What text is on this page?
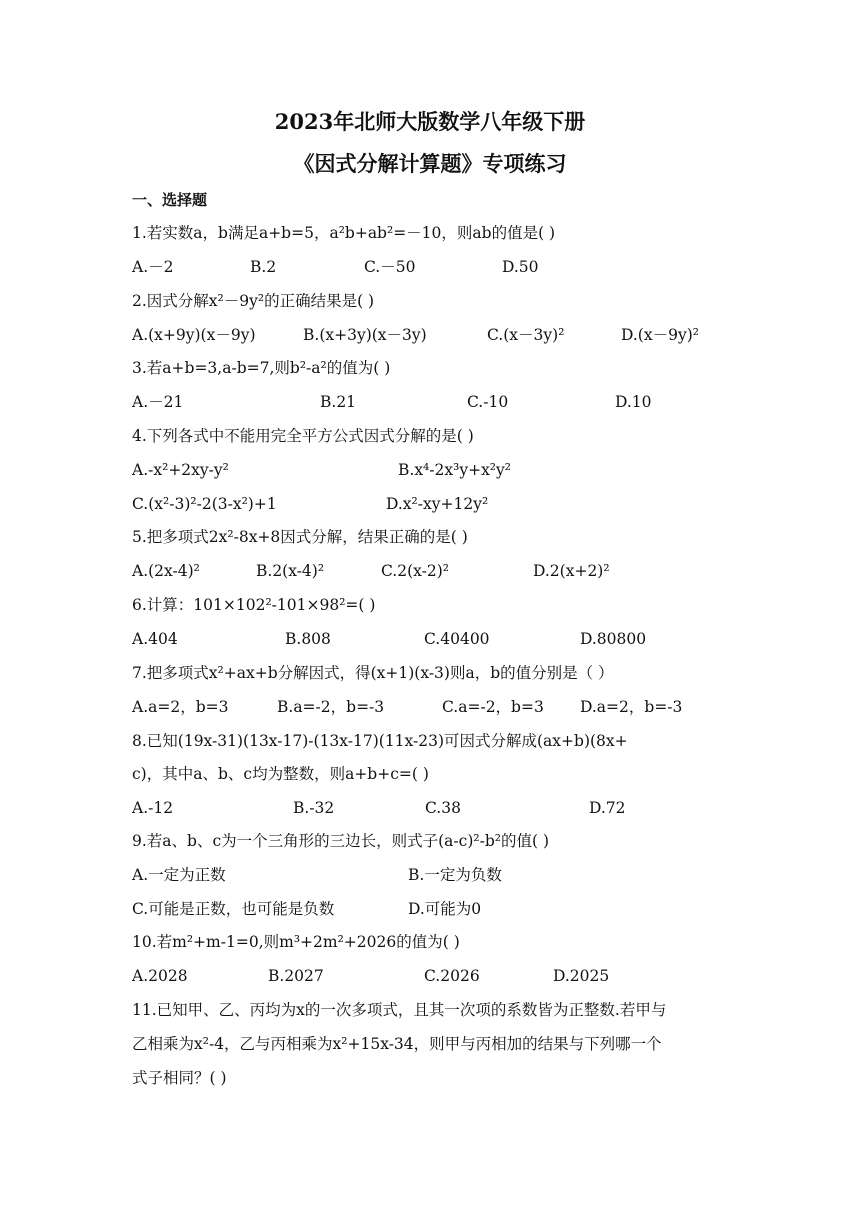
2023年北师大版数学八年级下册
《因式分解计算题》专项练习
一、选择题
1.若实数a，b满足a+b=5，a²b+ab²=－10，则ab的值是( )
A.－2	B.2	C.－50	D.50
2.因式分解x²－9y²的正确结果是( )
A.(x+9y)(x－9y)	B.(x+3y)(x－3y)	C.(x－3y)²	D.(x－9y)²
3.若a+b=3,a-b=7,则b²-a²的值为( )
A.－21	B.21	C.-10	D.10
4.下列各式中不能用完全平方公式因式分解的是( )
A.-x²+2xy-y²	B.x⁴-2x³y+x²y²
C.(x²-3)²-2(3-x²)+1	D.x²-xy+12y²
5.把多项式2x²-8x+8因式分解，结果正确的是( )
A.(2x-4)²	B.2(x-4)²	C.2(x-2)²	D.2(x+2)²
6.计算：101×102²-101×98²=( )
A.404	B.808	C.40400	D.80800
7.把多项式x²+ax+b分解因式，得(x+1)(x-3)则a，b的值分别是（ ）
A.a=2，b=3	B.a=-2，b=-3	C.a=-2，b=3 D.a=2，b=-3
8.已知(19x-31)(13x-17)-(13x-17)(11x-23)可因式分解成(ax+b)(8x+
c)，其中a、b、c均为整数，则a+b+c=( )
A.-12	B.-32	C.38	D.72
9.若a、b、c为一个三角形的三边长，则式子(a-c)²-b²的值( )
A.一定为正数	B.一定为负数
C.可能是正数，也可能是负数	D.可能为0
10.若m²+m-1=0,则m³+2m²+2026的值为( )
A.2028	B.2027	C.2026	D.2025
11.已知甲、乙、丙均为x的一次多项式，且其一次项的系数皆为正整数.若甲与
乙相乘为x²-4，乙与丙相乘为x²+15x-34，则甲与丙相加的结果与下列哪一个
式子相同？( )
